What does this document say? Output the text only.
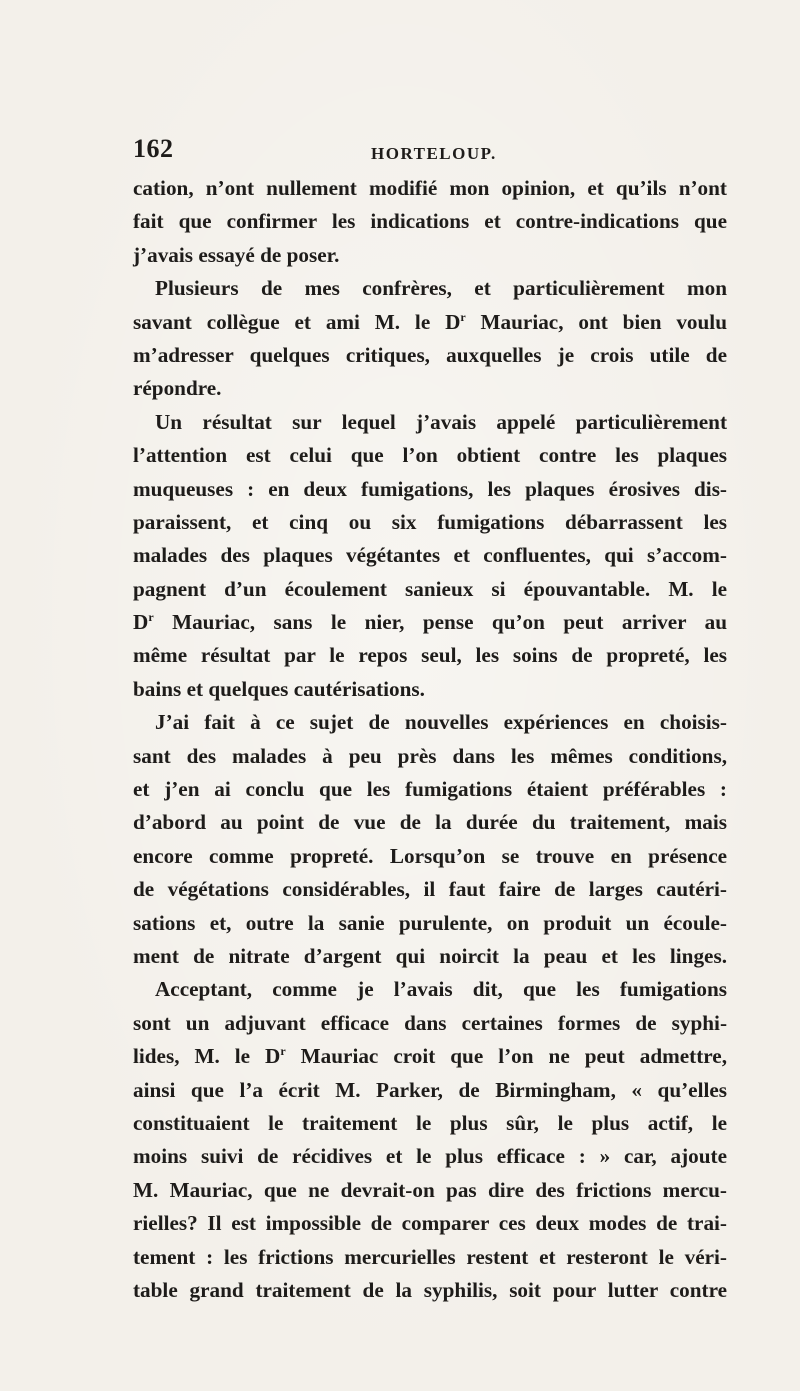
162	HORTELOUP.
cation, n’ont nullement modifié mon opinion, et qu’ils n’ont
fait que confirmer les indications et contre-indications que
j’avais essayé de poser.
Plusieurs de mes confrères, et particulièrement mon
savant collègue et ami M. le $D^r$ Mauriac, ont bien voulu
m’adresser quelques critiques, auxquelles je crois utile de
répondre.
Un résultat sur lequel j’avais appelé particulièrement
l’attention est celui que l’on obtient contre les plaques
muqueuses : en deux fumigations, les plaques érosives dis-
paraissent, et cinq ou six fumigations débarrassent les
malades des plaques végétantes et confluentes, qui s’accom-
pagnent d’un écoulement sanieux si épouvantable. M. le
$D^r$ Mauriac, sans le nier, pense qu’on peut arriver au
même résultat par le repos seul, les soins de propreté, les
bains et quelques cautérisations.
J’ai fait à ce sujet de nouvelles expériences en choisis-
sant des malades à peu près dans les mêmes conditions,
et j’en ai conclu que les fumigations étaient préférables :
d’abord au point de vue de la durée du traitement, mais
encore comme propreté. Lorsqu’on se trouve en présence
de végétations considérables, il faut faire de larges cautéri-
sations et, outre la sanie purulente, on produit un écoule-
ment de nitrate d’argent qui noircit la peau et les linges.
Acceptant, comme je l’avais dit, que les fumigations
sont un adjuvant efficace dans certaines formes de syphi-
lides, M. le $D^r$ Mauriac croit que l’on ne peut admettre,
ainsi que l’a écrit M. Parker, de Birmingham, « qu’elles
constituaient le traitement le plus sûr, le plus actif, le
moins suivi de récidives et le plus efficace : » car, ajoute
M. Mauriac, que ne devrait-on pas dire des frictions mercu-
rielles? Il est impossible de comparer ces deux modes de trai-
tement : les frictions mercurielles restent et resteront le véri-
table grand traitement de la syphilis, soit pour lutter contre
